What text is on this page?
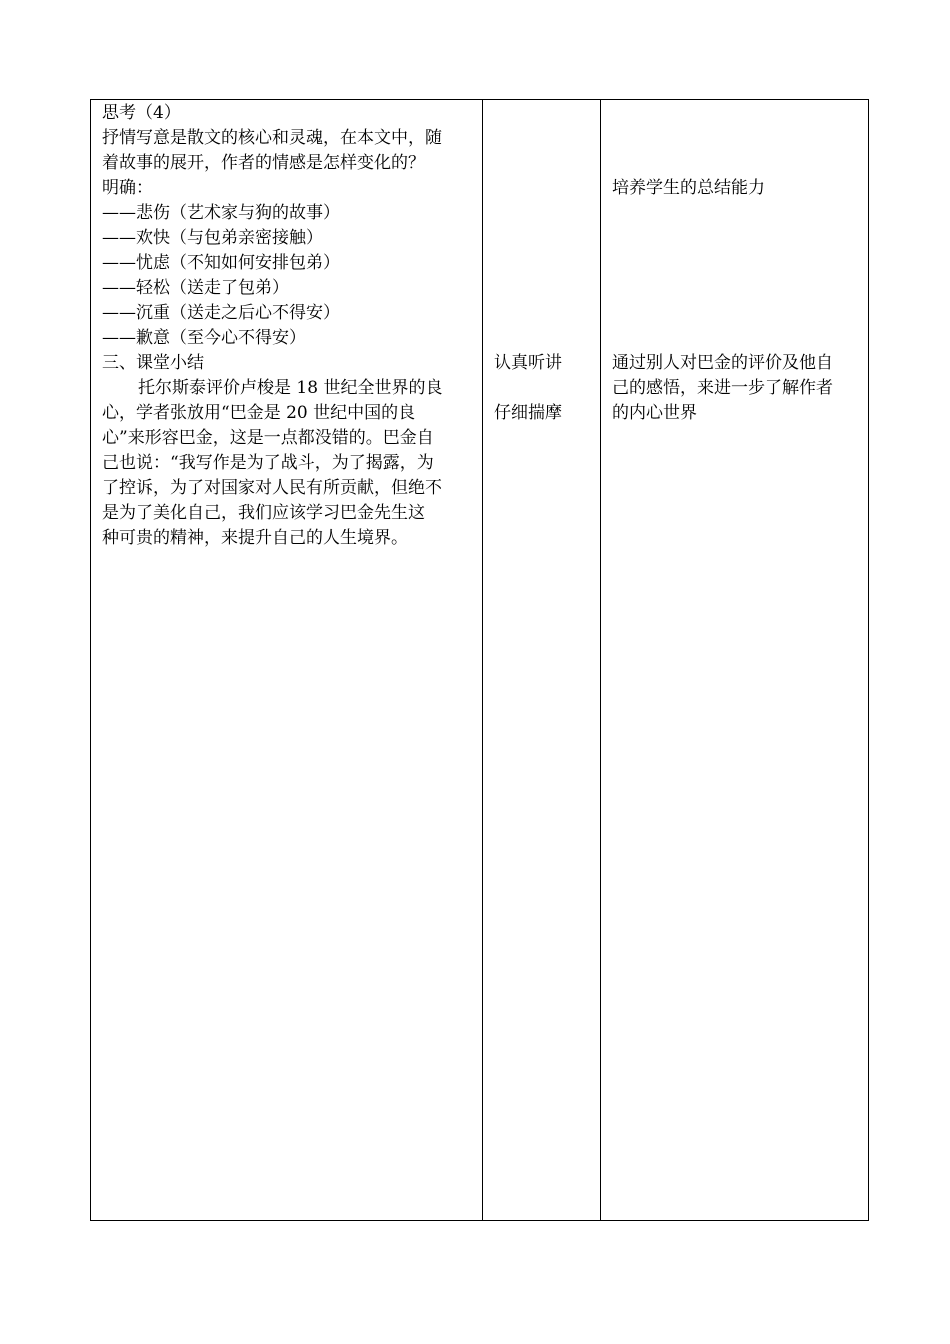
思考（4）
抒情写意是散文的核心和灵魂，在本文中，随
着故事的展开，作者的情感是怎样变化的？
明确：
——悲伤（艺术家与狗的故事）
——欢快（与包弟亲密接触）
——忧虑（不知如何安排包弟）
——轻松（送走了包弟）
——沉重（送走之后心不得安）
——歉意（至今心不得安）
三、课堂小结
托尔斯泰评价卢梭是 18 世纪全世界的良
心，学者张放用“巴金是 20 世纪中国的良
心”来形容巴金，这是一点都没错的。巴金自
己也说：“我写作是为了战斗，为了揭露，为
了控诉，为了对国家对人民有所贡献，但绝不
是为了美化自己，我们应该学习巴金先生这
种可贵的精神，来提升自己的人生境界。

认真听讲
仔细揣摩

培养学生的总结能力
通过别人对巴金的评价及他自
己的感悟，来进一步了解作者
的内心世界
